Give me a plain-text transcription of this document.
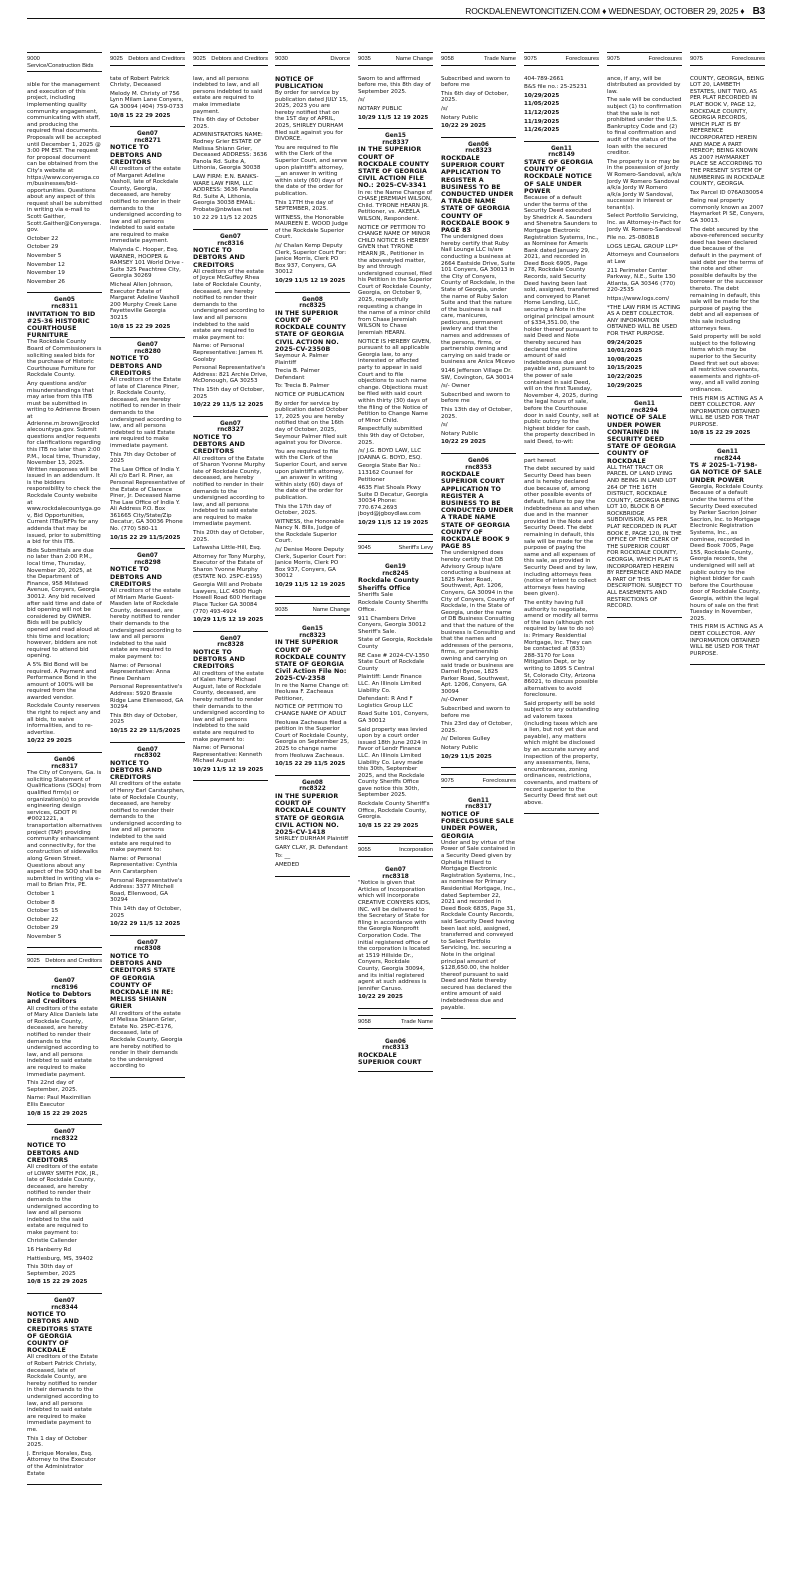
ROCKDALENEWTONCITIZEN.COM ♦ WEDNESDAY, OCTOBER 29, 2025 ♦ B3
9000
Service/Construction Bids
sible for the management and execution of this project, including implementing quality community engagement, communicating with staff, and producing the required final documents. Proposals will be accepted until December 1, 2025 @ 3:00 PM EST. The request for proposal document can be obtained from the City's website at https://www.conyersga.com/businesses/bid-opportunities. Questions about any aspect of this request shall be submitted in writing via e-mail to Scott Gaither, Scott.Gaither@Conyersga.gov.
October 22
October 29
November 5
November 12
November 19
November 26
Gen05
rnc8311
INVITATION TO BID #25-36 HISTORIC COURTHOUSE FURNITURE
The Rockdale County Board of Commissioners is soliciting sealed bids for the purchase of Historic Courthouse Furniture for Rockdale County.
Any questions and/or misunderstandings that may arise from this ITB must be submitted in writing to Adrienne Brown at Adrienne.m.brown@rockdalecountyga.gov. Submit questions and/or requests for clarifications regarding this ITB no later than 2:00 P.M., local time, Thursday, November 13, 2025. Written responses will be issued in an addendum. It is the bidders responsibility to check the Rockdale County website at www.rockdalecountyga.gov, Bid Opportunities, Current ITBs/RFPs for any addenda that may be issued, prior to submitting a bid for this ITB.
Bids Submittals are due no later than 2:00 P.M., local time, Thursday, November 20, 2025, at the Department of Finance, 958 Milstead Avenue, Conyers, Georgia 30012. Any bid received after said time and date of bid opening will not be considered by OWNER. Bids will be publicly opened and read aloud at this time and location; however, bidders are not required to attend bid opening.
A 5% Bid Bond will be required. A Payment and Performance Bond in the amount of 100% will be required from the awarded vendor.
Rockdale County reserves the right to reject any and all bids, to waive informalities, and to re-advertise.
10/22 29 2025
Gen06
rnc8317
The City of Conyers, Ga. is soliciting Statement of Qualifications (SOQs) from qualified firm(s) or organization(s) to provide engineering design services, GDOT PI #0021221, a transportation alternatives project (TAP) providing community enhancement and connectivity, for the construction of sidewalks along Green Street. Questions about any aspect of the SOQ shall be submitted in writing via e-mail to Brian Frix, PE.
October 1
October 8
October 15
October 22
October 29
November 5
9025 Debtors and Creditors
Gen07
rnc8196
Notice to Debtors and Creditors
All creditors of the estate of Mary Alice Daniels late of Rockdale County, deceased, are hereby notified to render their demands to the undersigned according to law, and all persons indebted to said estate are required to make immediate payment.
This 22nd day of September, 2025.
Name: Paul Maximilian Ellis Executor
10/8 15 22 29 2025
Gen07
rnc8322
NOTICE TO DEBTORS AND CREDITORS
All creditors of the estate of LOWRY SMITH FOX, JR., late of Rockdale County, deceased, are hereby notified to render their demands to the undersigned according to law and all persons indebted to the said estate are required to make payment to:
Christie Callender
16 Hanberry Rd
Hattiesburg, MS, 39402
This 30th day of September, 2025
10/8 15 22 29 2025
Gen07
rnc8344
NOTICE TO DEBTORS AND CREDITORS STATE OF GEORGIA COUNTY OF ROCKDALE
All creditors of the Estate of Robert Patrick Christy, deceased, late of Rockdale County, are hereby notified to render in their demands to the undersigned according to law, and all persons indebted to said estate are required to make immediate payment to me.
This 1 day of October 2025.
J. Enrique Morales, Esq. Attorney to the Executor of the Administrator Estate
9025 Debtors and Creditors
tate of Robert Patrick Christy, Deceased
Melody M. Christy of 756 Lynn Milam Lane Conyers, GA 30094 (404) 759-0733
10/8 15 22 29 2025
Gen07
rnc8271
NOTICE TO DEBTORS AND CREDITORS
All creditors of the estate of Margaret Adeline Vasholl, late of Rockdale County, Georgia, deceased, are hereby notified to render in their demands to the undersigned according to law and all persons indebted to said estate are required to make immediate payment.
Malynda C. Hooper, Esq. WARNER, HOOPER & RAMSEY 101 World Drive - Suite 325 Peachtree City, Georgia 30269
Micheal Allen Johnson, Executor Estate of Margaret Adeline Vasholl 200 Murphy Creek Lane Fayetteville Georgia 30215
10/8 15 22 29 2025
Gen07
rnc8280
NOTICE TO DEBTORS AND CREDITORS
All creditors of the Estate of late of Clarence Piner, Jr. Rockdale County, deceased, are hereby notified to render in their demands to the undersigned according to law, and all persons indebted to said Estate are required to make immediate payment.
This 7th day October of 2025
The Law Office of India Y. Ali c/o Earl R. Piner, as Personal Representative of the Estate of Clarence Piner, Jr. Deceased Name The Law Office of India Y. Ali Address P.O. Box 361665 City/State/Zip Decatur, GA 30036 Phone No. (770) 580-11
10/15 22 29 11/5/2025
Gen07
rnc8298
NOTICE TO DEBTORS AND CREDITORS
All creditors of the estate of Miriam Marie Guest-Masden late of Rockdale County, deceased, are hereby notified to render their demands to the undersigned according to law and all persons indebted to the said estate are required to make payment to:
Name: of Personal Representative: Anna Finee Denham
Personal Representative's Address: 5920 Brassie Ridge Lane Ellenwood, GA 30294
This 8th day of October, 2025
10/15 22 29 11/5/2025
Gen07
rnc8302
NOTICE TO DEBTORS AND CREDITORS
All creditors of the estate of Henry Earl Carstarphen, late of Rockdale County, deceased, are hereby notified to render their demands to the undersigned according to law and all persons indebted to the said estate are required to make payment to:
Name: of Personal Representative: Cynthia Ann Carstarphen
Personal Representative's Address: 3377 Mitchell Road, Ellenwood, GA 30294
This 14th day of October, 2025
10/22 29 11/5 12 2025
Gen07
rnc8308
NOTICE TO DEBTORS AND CREDITORS STATE OF GEORGIA COUNTY OF ROCKDALE IN RE: MELISS SHIANN GRIER
All creditors of the estate of Melissa Shiann Grier, Estate No. 25PC-E176, deceased, late of Rockdale County, Georgia are hereby notified to render in their demands to the undersigned according to
9025 Debtors and Creditors
law, and all persons indebted to law, and all persons indebted to said estate are required to make immediate payment.
This 6th day of October 2025.
ADMINISTRATORS NAME: Rodney Grier ESTATE OF Melissa Shiann Grier, Deceased ADDRESS: 3636 Panola Rd. Suite A, Lithonia, Georgia 30038
LAW FIRM: E.N. BANKS-WARE LAW FIRM, LLC ADDRESS: 3636 Panola Rd. Suite A, Lithonia, Georgia 30038 EMAIL: Probate@nbwlaw.net
10 22 29 11/5 12 2025
Gen07
rnc8316
NOTICE TO DEBTORS AND CREDITORS
All creditors of the estate of Joyce McGuffey Rhea late of Rockdale County, deceased, are hereby notified to render their demands to the undersigned according to law and all persons indebted to the said estate are required to make payment to:
Name: of Personal Representative: James H. Goolsby
Personal Representative's Address: 821 Archie Drive, McDonough, GA 30253
This 15th day of October, 2025
10/22 29 11/5 12 2025
Gen07
rnc8327
NOTICE TO DEBTORS AND CREDITORS
All creditors of the Estate of Sharon Yvonne Murphy late of Rockdale County, deceased, are hereby notified to render in their demands to the undersigned according to law, and all persons indebted to said estate are required to make immediate payment.
This 20th day of October, 2025.
Lafawsha Little-Hill, Esq.
Attorney for Tony Murphy, Executor of the Estate of Sharon Yvonne Murphy (ESTATE NO. 25PC-E195)
Georgia Will and Probate Lawyers, LLC 4500 Hugh Howell Road 600 Heritage Place Tucker GA 30084 (770) 493-4924
10/29 11/5 12 19 2025
Gen07
rnc8328
NOTICE TO DEBTORS AND CREDITORS
All creditors of the estate of Kalen Harry Michael August, late of Rockdale County, deceased, are hereby notified to render their demands to the undersigned according to law and all persons indebted to the said estate are required to make payment to:
Name: of Personal Representative: Kenneth Michael August
10/29 11/5 12 19 2025
9030	Divorce
NOTICE OF PUBLICATION
By order for service by publication dated JULY 15, 2025, 2023 you are hereby notified that on the 1ST day of APRIL, 2025, SHIRLEY DURHAM filed suit against you for DIVORCE.
You are required to file with the Clerk of the Superior Court, and serve upon plaintiff's attorney, __an answer in writing within sixty (60) days of the date of the order for publication.
This 17TH the day of SEPTEMBER, 2025.
WITNESS, the Honorable MAUREEN E. WOOD Judge of the Rockdale Superior Court.
/s/ Chalan Kemp Deputy Clerk, Superior Court For: Janice Morris, Clerk PO Box 937, Conyers, GA 30012
10/29 11/5 12 19 2025
Gen08
rnc8325
IN THE SUPERIOR COURT OF ROCKDALE COUNTY STATE OF GEORGIA CIVIL ACTION NO. 2025-CV-2350B
Seymour A. Palmer Plaintiff
Trecia B. Palmer Defendant
To: Trecia B. Palmer
NOTICE OF PUBLICATION
By order for service by publication dated October 17, 2025 you are hereby notified that on the 16th day of October, 2025, Seymour Palmer filed suit against you for Divorce.
You are required to file with the Clerk of the Superior Court, and serve upon plaintiff's attorney, __an answer in writing within sixty (60) days of the date of the order for publication.
This the 17th day of October, 2025.
WITNESS, the Honorable Nancy N. Bills, Judge of the Rockdale Superior Court.
/s/ Denise Moore Deputy Clerk, Superior Court For: Janice Morris, Clerk PO Box 937, Conyers, GA 30012
10/29 11/5 12 19 2025
9035	Name Change
Gen15
rnc8323
IN THE SUPERIOR COURT OF ROCKDALE COUNTY STATE OF GEORGIA Civil Action File No: 2025-CV-2358
In re the Name Change of: Ifeoluwa F. Zacheaus Petitioner,
NOTICE OF PETITION TO CHANGE NAME OF ADULT
Ifeoluwa Zacheaus filed a petition in the Superior Court of Rockdale County, Georgia on September 25, 2025 to change name from Ifeoluwa Zacheaus.
10/15 22 29 11/5 2025
Gen08
rnc8322
IN THE SUPERIOR COURT OF ROCKDALE COUNTY STATE OF GEORGIA CIVIL ACTION NO. 2025-CV-1418
SHIRLEY DURHAM Plaintiff
GARY CLAY, JR. Defendant
To: __
AMEDED
9035	Name Change
Sworn to and affirmed before me, this 8th day of September 2025.
/s/
NOTARY PUBLIC
10/29 11/5 12 19 2025
Gen15
rnc8337
IN THE SUPERIOR COURT OF ROCKDALE COUNTY STATE OF GEORGIA CIVIL ACTION FILE NO.: 2025-CV-3341
In re: the Name Change of CHASE JEREMIAH WILSON, Child. TYRONE HEARN JR. Petitioner, vs. AKEELA WILSON, Respondent.
NOTICE OF PETITION TO CHANGE NAME OF MINOR CHILD NOTICE IS HEREBY GIVEN that TYRONE HEARN JR., Petitioner in the abovestyled matter, by and through undersigned counsel, filed his Petition in the Superior Court of Rockdale County, Georgia, on October 9, 2025, respectfully requesting a change in the name of a minor child from Chase Jeremiah WILSON to Chase Jeremiah HEARN.
NOTICE IS HEREBY GIVEN, pursuant to all applicable Georgia law, to any interested or affected party to appear in said Court and to file objections to such name change. Objections must be filed with said court within thirty (30) days of the filing of the Notice of Petition to Change Name of Minor Child.
Respectfully submitted this 9th day of October, 2025.
/s/ J.G. BOYD LAW, LLC JOANNA G. BOYD, ESQ.
Georgia State Bar No.: 113162 Counsel for Petitioner
4635 Flat Shoals Pkwy Suite D Decatur, Georgia 30034 Phone: 770.674.2693 jboyd@jgboydlaw.com
10/29 11/5 12 19 2025
9045	Sheriff's Levy
Gen19
rnc8245
Rockdale County Sheriffs Office
Sheriffs Sale
Rockdale County Sheriffs Office.
911 Chambers Drive Conyers, Georgia 30012 Sheriff's Sale.
State of Georgia, Rockdale County
RE Case # 2024-CV-1350 State Court of Rockdale County
Plaintiff: Lendr Finance LLC. An Illinois Limited Liability Co.
Defendant: R And F Logistics Group LLC
Road Suite 101, Conyers, GA 30012
Said property was levied upon by a court order issued 18th June 2024 in Favor of Lendr Finance LLC. An Illinois Limited Liability Co. Levy made this 30th, September 2025, and the Rockdale County Sheriffs Office gave notice this 30th, September 2025.
Rockdale County Sheriff's Office, Rockdale County, Georgia.
10/8 15 22 29 2025
9055	Incorporation
Gen07
rnc8318
"Notice is given that Articles of Incorporation which will incorporate CREATIVE CONYERS KIDS, INC. will be delivered to the Secretary of State for filing in accordance with the Georgia Nonprofit Corporation Code. The initial registered office of the corporation is located at 1519 Hillside Dr., Conyers, Rockdale County, Georgia 30094, and its initial registered agent at such address is Jennifer Caruso.
10/22 29 2025
9058	Trade Name
Gen06
rnc8313
ROCKDALE SUPERIOR COURT
9058	Trade Name
Subscribed and sworn to before me
This 6th day of October, 2025.
/s/
Notary Public
10/22 29 2025
Gen06
rnc8323
ROCKDALE SUPERIOR COURT APPLICATION TO REGISTER A BUSINESS TO BE CONDUCTED UNDER A TRADE NAME STATE OF GEORGIA COUNTY OF ROCKDALE BOOK 9 PAGE 83
The undersigned does hereby certify that Ruby Nail Lounge LLC is/are conducting a business at 2664 Eastside Drive, Suite 101 Conyers, GA 30013 in the City of Conyers, County of Rockdale, in the State of Georgia, under the name of Ruby Salon Suite and that the nature of the business is nail care, manicures, pedicures, permanent jewlery and that the names and addresses of the persons, firms, or partnership owning and carrying on said trade or business are Anica Micevo
9146 Jefferson Village Dr. SW, Covington, GA 30014
/s/- Owner
Subscribed and sworn to before me
This 13th day of October, 2025.
/s/
Notary Public
10/22 29 2025
Gen06
rnc8353
ROCKDALE SUPERIOR COURT APPLICATION TO REGISTER A BUSINESS TO BE CONDUCTED UNDER A TRADE NAME STATE OF GEORGIA COUNTY OF ROCKDALE BOOK 9 PAGE 85
The undersigned does hereby certify that DB Advisory Group is/are conducting a business at 1825 Parker Road, Southwest, Apt. 1206, Conyers, GA 30094 in the City of Conyers, County of Rockdale, in the State of Georgia, under the name of DB Business Consulting and that the nature of the business is Consulting and that the names and addresses of the persons, firms, or partnership owning and carrying on said trade or business are Darnell Bynoe, 1825 Parker Road, Southwest, Apt. 1206, Conyers, GA 30094
/s/-Owner
Subscribed and sworn to before me
This 23rd day of October, 2025.
/s/ Delores Gulley
Notary Public
10/29 11/5 2025
9075	Foreclosures
Gen11
rnc8317
NOTICE OF FORECLOSURE SALE UNDER POWER, GEORGIA
Under and by virtue of the Power of Sale contained in a Security Deed given by Ophelia Hilliard to Mortgage Electronic Registration Systems, Inc., as nominee for Primary Residential Mortgage, Inc., dated September 22, 2021 and recorded in Deed Book 6835, Page 31, Rockdale County Records, said Security Deed having been last sold, assigned, transferred and conveyed to Select Portfolio Servicing, Inc. securing a Note in the original principal amount of $128,650.00, the holder thereof pursuant to said Deed and Note thereby secured has declared the entire amount of said indebtedness due and payable.
9075	Foreclosures
404-789-2661
B&S file no.: 25-25231
10/29/2025
11/05/2025
11/12/2025
11/19/2025
11/26/2025
Gen11
rnc8149
STATE OF GEORGIA COUNTY OF ROCKDALE NOTICE OF SALE UNDER POWER
Because of a default under the terms of the Security Deed executed by Shedrick A. Saunders and Shenetra Saunders to Mortgage Electronic Registration Systems, Inc., as Nominee for Ameris Bank dated January 29, 2021, and recorded in Deed Book 6905, Page 278, Rockdale County Records, said Security Deed having been last sold, assigned, transferred and conveyed to Planet Home Lending, LLC, securing a Note in the original principal amount of $334,351.00, the holder thereof pursuant to said Deed and Note thereby secured has declared the entire amount of said indebtedness due and payable and, pursuant to the power of sale contained in said Deed, will on the first Tuesday, November 4, 2025, during the legal hours of sale, before the Courthouse door in said County, sell at public outcry to the highest bidder for cash, the property described in said Deed, to-wit:
part hereof.
The debt secured by said Security Deed has been and is hereby declared due because of, among other possible events of default, failure to pay the indebtedness as and when due and in the manner provided in the Note and Security Deed. The debt remaining in default, this sale will be made for the purpose of paying the same and all expenses of this sale, as provided in Security Deed and by law, including attorneys fees (notice of intent to collect attorneys fees having been given).
The entity having full authority to negotiate, amend or modify all terms of the loan (although not required by law to do so) is: Primary Residential Mortgage, Inc. They can be contacted at (833) 288-3170 for Loss Mitigation Dept, or by writing to 1895 S Central St, Colorado City, Arizona 86021, to discuss possible alternatives to avoid foreclosure.
Said property will be sold subject to any outstanding ad valorem taxes (including taxes which are a lien, but not yet due and payable), any matters which might be disclosed by an accurate survey and inspection of the property, any assessments, liens, encumbrances, zoning ordinances, restrictions, covenants, and matters of record superior to the Security Deed first set out above.
9075	Foreclosures
ance, if any, will be distributed as provided by law.
The sale will be conducted subject (1) to confirmation that the sale is not prohibited under the U.S. Bankruptcy Code and (2) to final confirmation and audit of the status of the loan with the secured creditor.
The property is or may be in the possession of Jordy W Romero-Sandoval, a/k/a Jordy W Romero Sandoval a/k/a Jordy W Romero a/k/a Jordy W Sandoval, successor in interest or tenant(s).
Select Portfolio Servicing, Inc. as Attorney-in-Fact for Jordy W. Romero-Sandoval
File no. 25-080818
LOGS LEGAL GROUP LLP*
Attorneys and Counselors at Law
211 Perimeter Center Parkway, N.E., Suite 130 Atlanta, GA 30346 (770) 220-2535
https://www.logs.com/
*THE LAW FIRM IS ACTING AS A DEBT COLLECTOR. ANY INFORMATION OBTAINED WILL BE USED FOR THAT PURPOSE.
09/24/2025
10/01/2025
10/08/2025
10/15/2025
10/22/2025
10/29/2025
Gen11
rnc8294
NOTICE OF SALE UNDER POWER CONTAINED IN SECURITY DEED STATE OF GEORGIA COUNTY OF ROCKDALE
ALL THAT TRACT OR PARCEL OF LAND LYING AND BEING IN LAND LOT 264 OF THE 16TH DISTRICT, ROCKDALE COUNTY, GEORGIA BEING LOT 10, BLOCK B OF ROCKBRIDGE SUBDIVISION, AS PER PLAT RECORDED IN PLAT BOOK E, PAGE 120, IN THE OFFICE OF THE CLERK OF THE SUPERIOR COURT FOR ROCKDALE COUNTY, GEORGIA, WHICH PLAT IS INCORPORATED HEREIN BY REFERENCE AND MADE A PART OF THIS DESCRIPTION. SUBJECT TO ALL EASEMENTS AND RESTRICTIONS OF RECORD.
9075	Foreclosures
COUNTY, GEORGIA, BEING LOT 20, LAMBETH ESTATES, UNIT TWO, AS PER PLAT RECORDED IN PLAT BOOK V, PAGE 12, ROCKDALE COUNTY, GEORGIA RECORDS, WHICH PLAT IS BY REFERENCE INCORPORATED HEREIN AND MADE A PART HEREOF; BEING KNOWN AS 2007 HAYMARKET PLACE SE ACCORDING TO THE PRESENT SYSTEM OF NUMBERING IN ROCKDALE COUNTY, GEORGIA.
Tax Parcel ID 076A030054
Being real property commonly known as 2007 Haymarket Pl SE, Conyers, GA 30013.
The debt secured by the above-referenced security deed has been declared due because of the default in the payment of said debt per the terms of the note and other possible defaults by the borrower or the successor thereto. The debt remaining in default, this sale will be made for the purpose of paying the debt and all expenses of this sale including attorneys fees.
Said property will be sold subject to the following items which may be superior to the Security Deed first set out above: all restrictive covenants, easements and rights-of-way, and all valid zoning ordinances.
THIS FIRM IS ACTING AS A DEBT COLLECTOR. ANY INFORMATION OBTAINED WILL BE USED FOR THAT PURPOSE.
10/8 15 22 29 2025
Gen11
rnc8244
TS # 2025-1-7198-GA NOTICE OF SALE UNDER POWER
Georgia, Rockdale County. Because of a default under the terms of the Security Deed executed by Parker Sacrion Joiner Sacrion, Inc. to Mortgage Electronic Registration Systems, Inc., as nominee, recorded in Deed Book 7005, Page 155, Rockdale County, Georgia records, the undersigned will sell at public outcry to the highest bidder for cash before the Courthouse door of Rockdale County, Georgia, within the legal hours of sale on the first Tuesday in November, 2025.
THIS FIRM IS ACTING AS A DEBT COLLECTOR. ANY INFORMATION OBTAINED WILL BE USED FOR THAT PURPOSE.
